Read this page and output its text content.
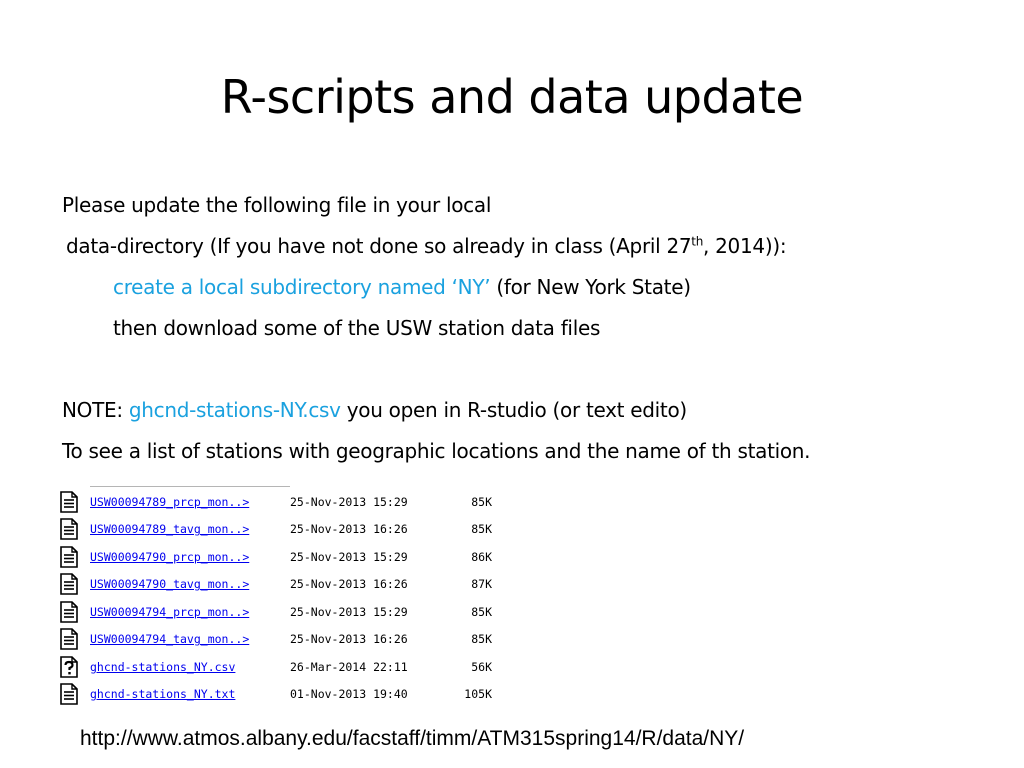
R-scripts and data update
Please update the following file in your local
data-directory (If you have not done so already in class (April 27th, 2014)):
create a local subdirectory named ‘NY’ (for New York State)
then download some of the USW station data files
NOTE: ghcnd-stations-NY.csv you open in R-studio (or text edito)
To see a list of stations with geographic locations and the name of th station.
USW00094789_prcp_mon..>	25-Nov-2013 15:29	85K
USW00094789_tavg_mon..>	25-Nov-2013 16:26	85K
USW00094790_prcp_mon..>	25-Nov-2013 15:29	86K
USW00094790_tavg_mon..>	25-Nov-2013 16:26	87K
USW00094794_prcp_mon..>	25-Nov-2013 15:29	85K
USW00094794_tavg_mon..>	25-Nov-2013 16:26	85K
ghcnd-stations_NY.csv	26-Mar-2014 22:11	56K
ghcnd-stations_NY.txt	01-Nov-2013 19:40	105K
http://www.atmos.albany.edu/facstaff/timm/ATM315spring14/R/data/NY/
